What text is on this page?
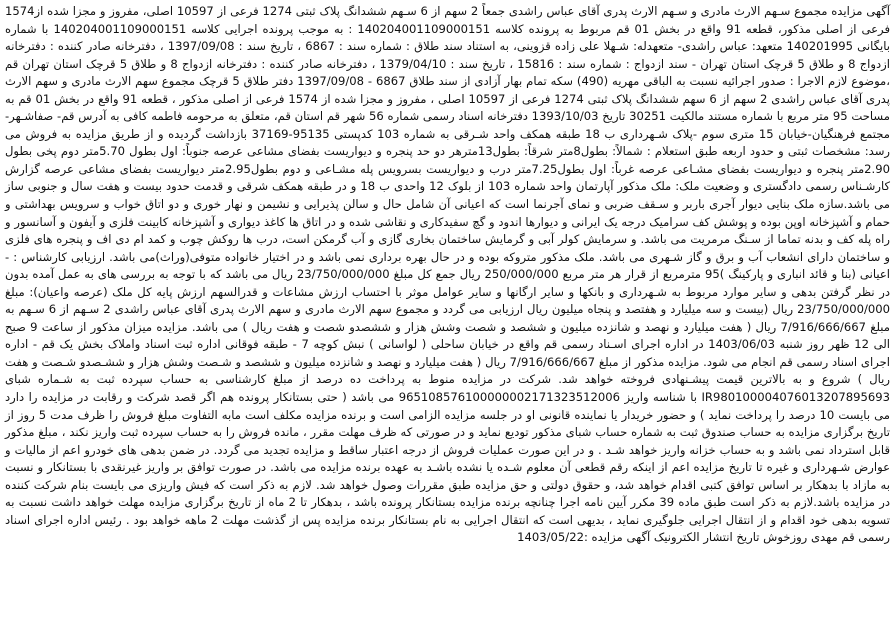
آگهی مزایده مجموع سـهم الارث مادری و سـهم الارث پدری آقای عباس راشدی جمعاً 2 سهم از 6 سـهم ششدانگ پلاک ثبتی 1274 فرعی از 10597 اصلی، مفروز و مجزا شده از1574 فرعی از اصلی مذکور، قطعه 91 واقع در بخش 01 قم مربوط به پرونده کلاسه 140204001109000151 : به موجب پرونده اجرایی کلاسه 140204001109000151 با شماره بایگانی 140201995 متعهد: عباس راشدی- متعهدله: شـهلا علی زاده قزوینی، به استناد سند طلاق : شماره سند : 6867 ، تاریخ سند : 1397/09/08 ، دفترخانه صادر کننده : دفترخانه ازدواج 8 و طلاق 5 قرچک استان تهران - سند ازدواج : شماره سند : 15816 ، تاریخ سند : 1379/04/10 ، دفترخانه صادر کننده : دفترخانه ازدواج 8 و طلاق 5 قرچک استان تهران قم ،موضوع لازم الاجرا : صدور اجرائیه نسبت به الباقی مهریه (490) سکه تمام بهار آزادی از سند طلاق 6867 - 1397/09/08 دفتر طلاق 5 قرچک مجموع سهم الارث مادری و سهم الارث پدری آقای عباس راشدی 2 سهم از 6 سهم ششدانگ پلاک ثبتی 1274 فرعی از 10597 اصلی ، مفروز و مجزا شده از 1574 فرعی از اصلی مذکور ، قطعه 91 واقع در بخش 01 قم به مساحت 95 متر مربع با شماره مستند مالکیت 30251 تاریخ 1393/10/03 دفترخانه اسناد رسمی شماره 56 شهر قم استان قم، متعلق به مرحومه فاطمه کافی به آدرس قم- صفاشـهر-مجتمع فرهنگیان-خیابان 15 متری سوم -پلاک شـهرداری ب 18 طبقه همکف واحد شـرقی به شماره 103 کدپستی 95135-37169 بازداشت گردیده و از طریق مزایده به فروش می رسد: مشخصات ثبتی و حدود اربعه طبق استعلام : شمالاً: بطول8متر شرقاً: بطول13مترهر دو حد پنجره و دیواریست بفضای مشاعی عرصه جنوباً: اول بطول 5.70متر دوم پخی بطول 2.90متر پنجره و دیواریست بفضای مشـاعی عرصه غرباً: اول بطول7.25متر درب و دیواریست بسرویس پله مشـاعی و دوم بطول2.95متر دیواریست بفضای مشاعی عرصه گزارش کارشـناس رسمی دادگستری و وضعیت ملک: ملک مذکور آپارتمان واحد شماره 103 از بلوک 12 واحدی ب 18 و در طبقه همکف شرقی و قدمت حدود بیست و هفت سال و جنوبی ساز می باشد.سازه ملک بنایی دیوار آجری باربر و سـقف ضربی و نمای آجرنما است که اعیانی آن شامل حال و سالن پذیرایی و نشیمن و نهار خوری و دو اتاق خواب و سرویس بهداشتی و حمام و آشپزخانه اوپن بوده و پوشش کف سرامیک درجه یک ایرانی و دیوارها اندود و گچ سفیدکاری و نقاشی شده و در اتاق ها کاغذ دیواری و آشپزخانه کابینت فلزی و آیفون و آسانسور و راه پله کف و بدنه تماما از سـنگ مرمریت می باشد. و سرمایش کولر آبی و گرمایش ساختمان بخاری گازی و آب گرمکن است، درب ها روکش چوب و کمد ام دی اف و پنجره های فلزی و ساختمان دارای انشعاب آب و برق و گاز شـهری می باشد. ملک مذکور متروکه بوده و در حال بهره برداری نمی باشد و در اختیار خانواده متوفی(وراث)می باشد. ارزیابی کارشناس : - اعیانی (بنا و قائد انباری و پارکینگ )95 مترمربع از قرار هر متر مربع 250/000/000 ریال جمع کل مبلغ 23/750/000/000 ریال می باشد که با توجه به بررسی های به عمل آمده بدون در نظر گرفتن بدهی و سایر موارد مربوط به شـهرداری و بانکها و سایر ارگانها و سایر عوامل موثر با احتساب ارزش مشاعات و قدرالسهم ارزش پایه کل ملک (عرصه واعیان): مبلغ 23/750/000/000 ریال (بیست و سه میلیارد و هفتصد و پنجاه میلیون ریال ارزیابی می گردد و مجموع سهم الارث مادری و سهم الارث پدری آقای عباس راشدی 2 سـهم از 6 سـهم به مبلغ 7/916/666/667 ریال ( هفت میلیارد و نهصد و شانزده میلیون و ششصد و شصت وشش هزار و ششصدو شصت و هفت ریال ) می باشد. مزایده میزان مذکور از ساعت 9 صبح الی 12 ظهر روز شنبه 1403/06/03 در اداره اجرای اسـناد رسمی قم واقع در خیابان ساحلی ( لواسانی ) نبش کوچه 7 - طبقه فوقانی اداره ثبت اسناد واملاک بخش یک قم - اداره اجرای اسناد رسمی قم انجام می شود. مزایده مذکور از مبلغ 7/916/666/667 ریال ( هفت میلیارد و نهصد و شانزده میلیون و ششصد و شـصت وشش هزار و ششـصدو شـصت و هفت ریال ) شروع و به بالاترین قیمت پیشـنهادی فروخته خواهد شد. شرکت در مزایده منوط به پرداخت ده درصد از مبلغ کارشناسی به حساب سپرده ثبت به شـماره شبای IR980100004076013207895693 با شناسه واریز 965108576100000002171323512006 می باشد ( حتی بستانکار پرونده هم اگر قصد شرکت و رقابت در مزایده را دارد می بایست 10 درصد را پرداخت نماید ) و حضور خریدار یا نماینده قانونی او در جلسه مزایده الزامی است و برنده مزایده مکلف است مابه التفاوت مبلغ فروش را ظرف مدت 5 روز از تاریخ برگزاری مزایده به حساب صندوق ثبت به شماره حساب شبای مذکور تودیع نماید و در صورتی که ظرف مهلت مقرر ، مانده فروش را به حساب سپرده ثبت واریز نکند ، مبلغ مذکور قابل استرداد نمی باشد و به حساب خزانه واریز خواهد شـد . و در این صورت عملیات فروش از درجه اعتبار ساقط و مزایده تجدید می گردد. در ضمن بدهی های خودرو اعم از مالیات و عوارض شـهرداری و غیره تا تاریخ مزایده اعم از اینکه رقم قطعی آن معلوم شـده یا نشده باشـد به عهده برنده مزایده می باشد. در صورت توافق بر واریز غیرنقدی با بستانکار و نسبت به مازاد با بدهکار بر اساس توافق کتبی اقدام خواهد شد، و حقوق دولتی و حق مزایده طبق مقررات وصول خواهد شد. لازم به ذکر است که فیش واریزی می بایست بنام شرکت کننده در مزایده باشد.لازم به ذکر است طبق ماده 39 مکرر آیین نامه اجرا چنانچه برنده مزایده بستانکار پرونده باشد ، بدهکار تا 2 ماه از تاریخ برگزاری مزایده مهلت خواهد داشت نسبت به تسویه بدهی خود اقدام و از انتقال اجرایی جلوگیری نماید ، بدیهی است که انتقال اجرایی به نام بستانکار برنده مزایده پس از گذشت مهلت 2 ماهه خواهد بود . رئیس اداره اجرای اسناد رسمی قم مهدی روزخوش تاریخ انتشار الکترونیک آگهی مزایده :1403/05/22
